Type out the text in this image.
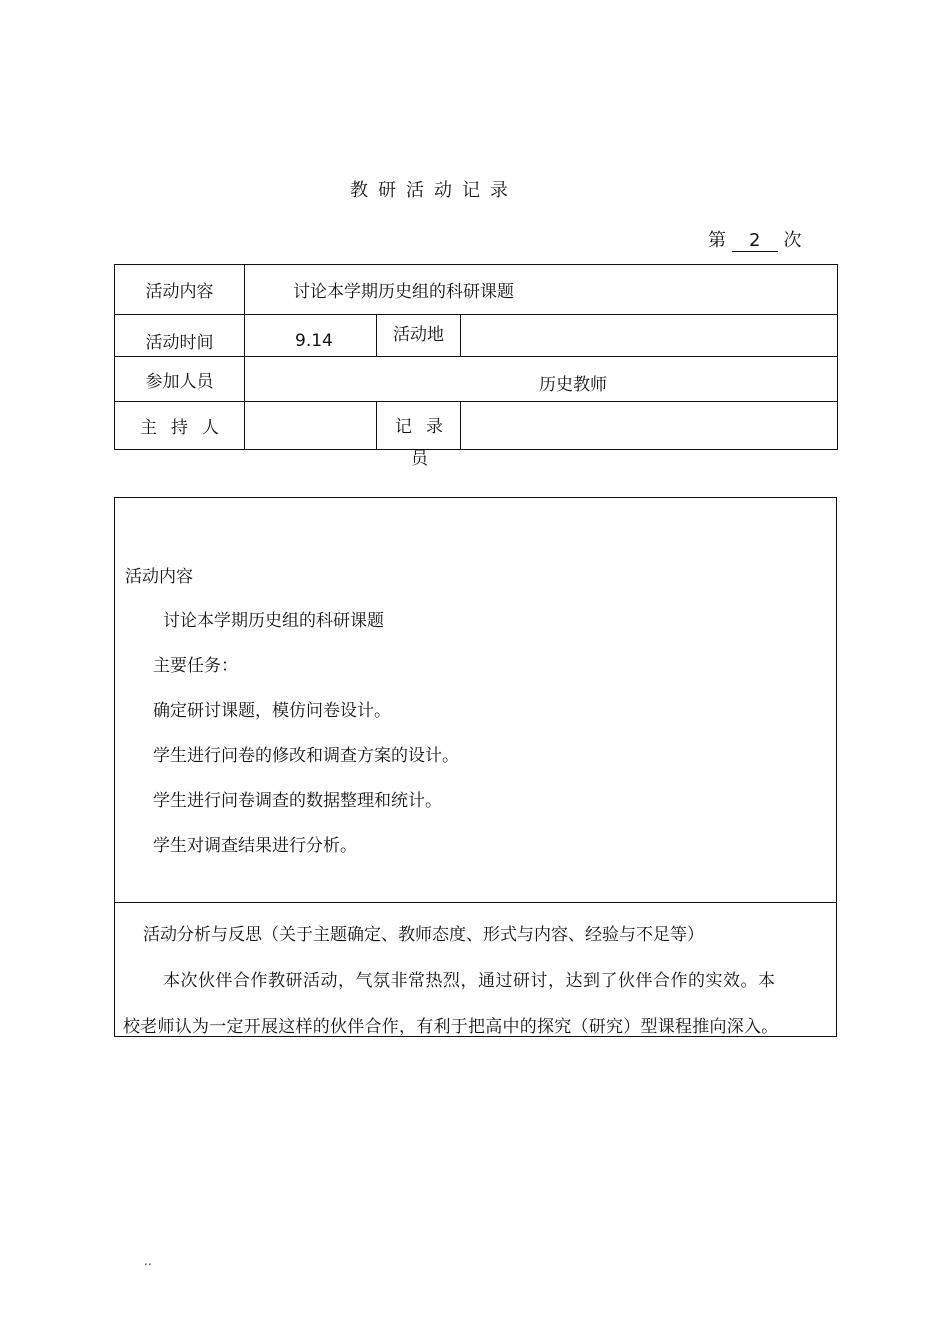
教研活动记录
第 2 次
活动内容	讨论本学期历史组的科研课题		
活动时间	9.14	活动地	
参加人员	历史教师		
主持人		记录
员	

活动内容

讨论本学期历史组的科研课题

主要任务：

确定研讨课题，模仿问卷设计。

学生进行问卷的修改和调查方案的设计。

学生进行问卷调查的数据整理和统计。

学生对调查结果进行分析。

活动分析与反思（关于主题确定、教师态度、形式与内容、经验与不足等）

本次伙伴合作教研活动，气氛非常热烈，通过研讨，达到了伙伴合作的实效。本

校老师认为一定开展这样的伙伴合作，有利于把高中的探究（研究）型课程推向深入。

..
